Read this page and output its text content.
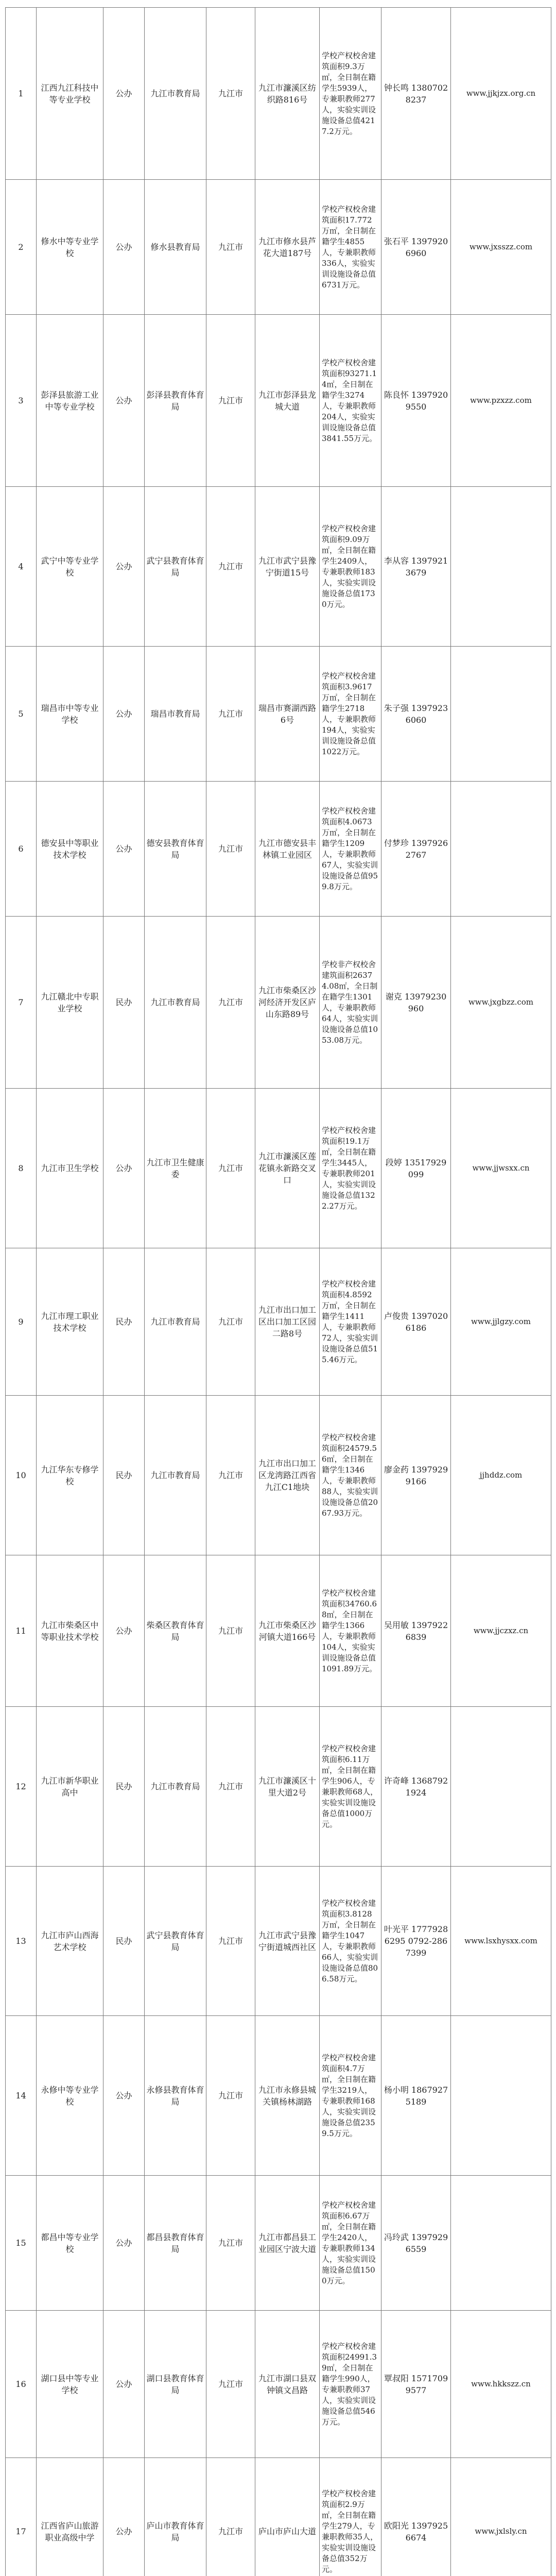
1	江西九江科技中等专业学校	公办	九江市教育局	九江市	九江市濂溪区纺织路816号	学校产权校舍建筑面积9.3万㎡，全日制在籍学生5939人，专兼职教师277人，实验实训设施设备总值4217.2万元。	钟长鸣 13807028237	www.jjkjzx.org.cn
2	修水中等专业学校	公办	修水县教育局	九江市	九江市修水县芦花大道187号	学校产权校舍建筑面积17.772万㎡，全日制在籍学生4855人，专兼职教师336人，实验实训设施设备总值6731万元。	张石平 13979206960	www.jxsszz.com
3	彭泽县旅游工业中等专业学校	公办	彭泽县教育体育局	九江市	九江市彭泽县龙城大道	学校产权校舍建筑面积93271.14㎡，全日制在籍学生3274人，专兼职教师204人，实验实训设施设备总值3841.55万元。	陈良怀 13979209550	www.pzxzz.com
4	武宁中等专业学校	公办	武宁县教育体育局	九江市	九江市武宁县豫宁街道15号	学校产权校舍建筑面积9.09万㎡，全日制在籍学生2409人，专兼职教师183人，实验实训设施设备总值1730万元。	李从容 13979213679	
5	瑞昌市中等专业学校	公办	瑞昌市教育局	九江市	瑞昌市赛湖西路6号	学校产权校舍建筑面积3.9617万㎡，全日制在籍学生2718人，专兼职教师194人，实验实训设施设备总值1022万元。	朱子强 13979236060	
6	德安县中等职业技术学校	公办	德安县教育体育局	九江市	九江市德安县丰林镇工业园区	学校产权校舍建筑面积4.0673万㎡，全日制在籍学生1209人，专兼职教师67人，实验实训设施设备总值959.8万元。	付梦珍 13979262767	
7	九江赣北中专职业学校	民办	九江市教育局	九江市	九江市柴桑区沙河经济开发区庐山东路89号	学校非产权校舍建筑面积26374.08㎡，全日制在籍学生1301人，专兼职教师64人，实验实训设施设备总值1053.08万元。	谢克 13979230960	www.jxgbzz.com
8	九江市卫生学校	公办	九江市卫生健康委	九江市	九江市濂溪区莲花镇永新路交叉口	学校产权校舍建筑面积19.1万㎡，全日制在籍学生3445人，专兼职教师201人，实验实训设施设备总值1322.27万元。	段婷 13517929099	www.jjwsxx.cn
9	九江市理工职业技术学校	民办	九江市教育局	九江市	九江市出口加工区出口加工区园二路8号	学校产权校舍建筑面积4.8592万㎡，全日制在籍学生1411人，专兼职教师72人，实验实训设施设备总值515.46万元。	卢俊贵 13970206186	www.jjlgzy.com
10	九江华东专修学校	民办	九江市教育局	九江市	九江市出口加工区龙湾路江西省九江C1地块	学校产权校舍建筑面积24579.56㎡，全日制在籍学生1346人，专兼职教师88人，实验实训设施设备总值2067.93万元。	廖金药 13979299166	jjhddz.com
11	九江市柴桑区中等职业技术学校	公办	柴桑区教育体育局	九江市	九江市柴桑区沙河镇大道166号	学校产权校舍建筑面积34760.68㎡，全日制在籍学生1366人，专兼职教师104人，实验实训设施设备总值1091.89万元。	吴用敏 13979226839	www.jjczxz.cn
12	九江市新华职业高中	民办	九江市教育局	九江市	九江市濂溪区十里大道2号	学校产权校舍建筑面积6.11万㎡，全日制在籍学生906人，专兼职教师68人，实验实训设施设备总值1000万元。	许奇峰 13687921924	
13	九江市庐山西海艺术学校	民办	武宁县教育体育局	九江市	九江市武宁县豫宁街道城西社区	学校产权校舍建筑面积3.8128万㎡，全日制在籍学生1047人，专兼职教师66人，实验实训设施设备总值806.58万元。	叶光平 17779286295 0792-2867399	www.lsxhysxx.com
14	永修中等专业学校	公办	永修县教育体育局	九江市	九江市永修县城关镇杨林湖路	学校产权校舍建筑面积4.7万㎡，全日制在籍学生3219人，专兼职教师168人，实验实训设施设备总值2359.5万元。	杨小明 18679275189	
15	都昌中等专业学校	公办	都昌县教育体育局	九江市	九江市都昌县工业园区宁波大道	学校产权校舍建筑面积6.67万㎡，全日制在籍学生2420人，专兼职教师134人，实验实训设施设备总值1500万元。	冯玲武 13979296559	
16	湖口县中等专业学校	公办	湖口县教育体育局	九江市	九江市湖口县双钟镇文昌路	学校产权校舍建筑面积24991.39㎡，全日制在籍学生990人，专兼职教师37人，实验实训设施设备总值546万元。	覃叔阳 15717099577	www.hkkszz.cn
17	江西省庐山旅游职业高级中学	公办	庐山市教育体育局	九江市	庐山市庐山大道	学校产权校舍建筑面积2.9万㎡，全日制在籍学生279人，专兼职教师35人，实验实训设施设备总值352万元。	欧阳光 13979256674	www.jxlsly.cn
